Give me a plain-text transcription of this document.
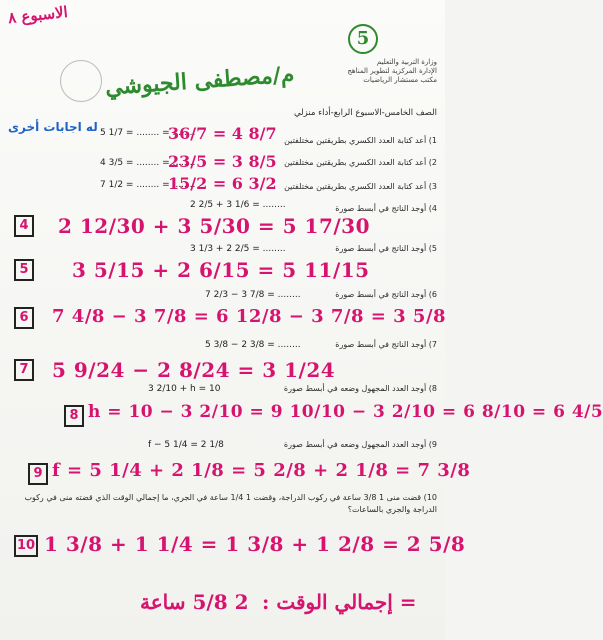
الاسبوع ٨
5
وزارة التربية والتعليم
الإدارة المركزية لتطوير المناهج
مكتب مستشار الرياضيات
م/مصطفى الجيوشي
الصف الخامس-الاسبوع الرابع-أداء منزلي
له اجابات أخرى
1) أعد كتابة العدد الكسري بطريقتين مختلفتين
5 1/7 = ........ = ........
36/7 = 4 8/7
2) أعد كتابة العدد الكسري بطريقتين مختلفتين
4 3/5 = ........ = ........
23/5 = 3 8/5
3) أعد كتابة العدد الكسري بطريقتين مختلفتين
7 1/2 = ........ = ........
15/2 = 6 3/2
4) أوجد الناتج في أبسط صورة
2 2/5 + 3 1/6 = ........
4 2 12/30 + 3 5/30 = 5 17/30
5) أوجد الناتج في أبسط صورة
3 1/3 + 2 2/5 = ........
5 3 5/15 + 2 6/15 = 5 11/15
6) أوجد الناتج في أبسط صورة
7 2/3 − 3 7/8 = ........
6	7 4/8 − 3 7/8 = 6 12/8 − 3 7/8 = 3 5/8
7) أوجد الناتج في أبسط صورة
5 3/8 − 2 3/8 = ........
7 5 9/24 − 2 8/24 = 3 1/24
8) أوجد العدد المجهول وضعه في أبسط صورة
3 2/10 + h = 10
8 h = 10 − 3 2/10 = 9 10/10 − 3 2/10 = 6 8/10 = 6 4/5
9) أوجد العدد المجهول وضعه في أبسط صورة
f − 5 1/4 = 2 1/8
9 f = 5 1/4 + 2 1/8 = 5 2/8 + 2 1/8 = 7 3/8
10) قضت منى 1 3/8 ساعة في ركوب الدراجة، وقضت 1 1/4 ساعة في الجري، ما إجمالي الوقت الذي قضته منى في ركوب الدراجة والجري بالساعات؟
10 1 3/8 + 1 1/4 = 1 3/8 + 1 2/8 = 2 5/8
2 5/8 ساعة = إجمالي الوقت :
